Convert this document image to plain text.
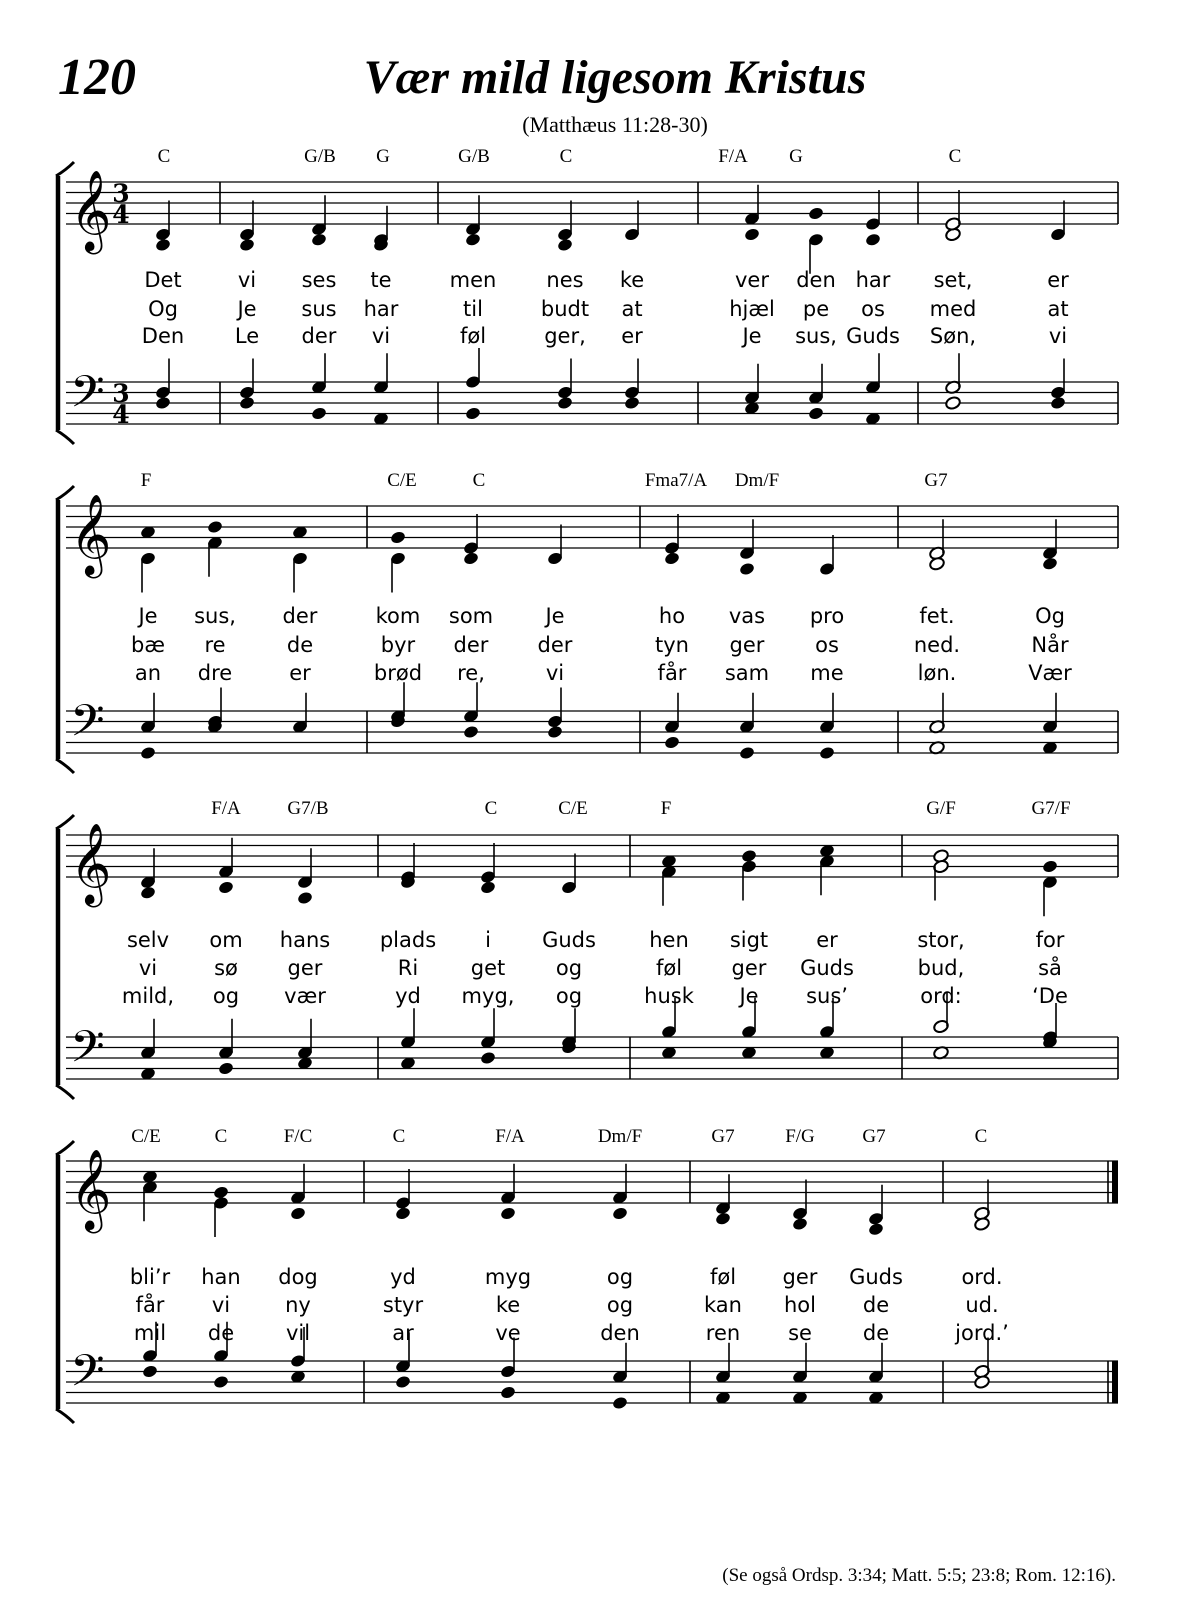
120	Vær mild ligesom Kristus
(Matthæus 11:28-30)
𝄞
𝄢
3
4
3
4
𝄞
𝄢
𝄞
𝄢
𝄞
𝄢
C	G/B G	G/B	C	F/A G	C
Det	vi ses te	men nes ke	ver den har set,	er
Og	Je sus har	til	budt at	hjæl pe os med	at
Den Le der vi	føl	ger, er	Je sus, Guds Søn,	vi
F	C/E	C	Fma7/A Dm/F	G7
Je sus, der	kom som Je	ho vas pro	fet.	Og
bæ re	de	byr der der	tyn ger os	ned.	Når
an dre	er	brød re,	vi	får sam me	løn.	Vær
F/A G7/B	C	C/E	F	G/F	G7/F
selv om hans plads i Guds	hen sigt er	stor,	for
vi	sø ger	Ri	get og	føl ger Guds	bud,	så
mild, og vær	yd myg, og	husk Je sus’	ord:	‘De
C/E	C	F/C	C	F/A	Dm/F	G7	F/G	G7	C
bli’r han dog	yd	myg	og	føl ger Guds	ord.
får vi	ny	styr	ke	og	kan hol de	ud.
mil de vil	ar	ve	den	ren se de	jord.’
(Se også Ordsp. 3:34; Matt. 5:5; 23:8; Rom. 12:16).
